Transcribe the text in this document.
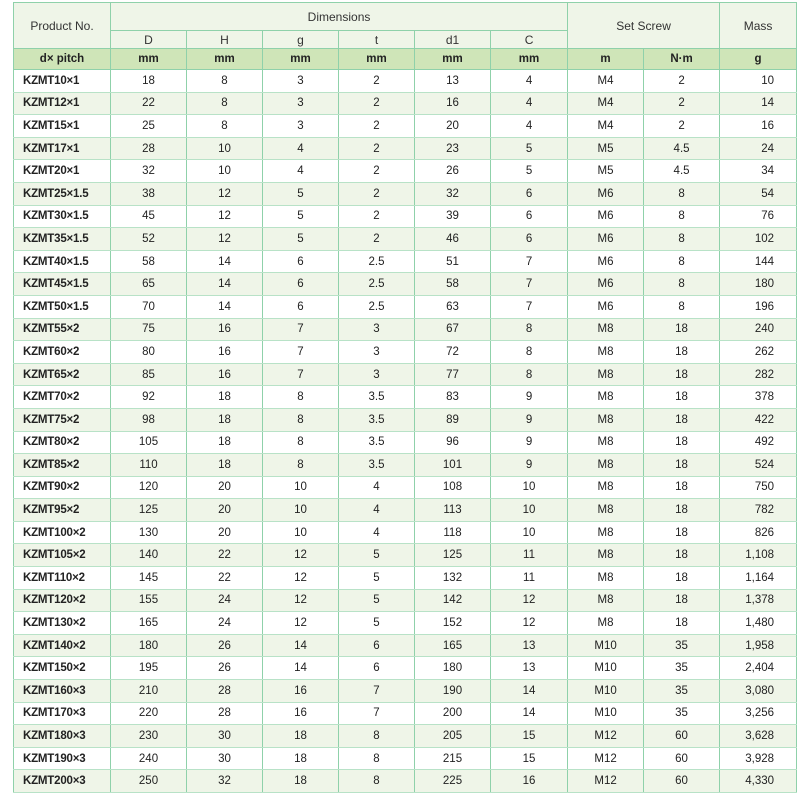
Product No.	Dimensions						Set Screw		Mass
	D	H	g	t	d1	C			
d× pitch	mm	mm	mm	mm	mm	mm	m	N·m	g
KZMT10×1	18	8	3	2	13	4	M4	2	10
KZMT12×1	22	8	3	2	16	4	M4	2	14
KZMT15×1	25	8	3	2	20	4	M4	2	16
KZMT17×1	28	10	4	2	23	5	M5	4.5	24
KZMT20×1	32	10	4	2	26	5	M5	4.5	34
KZMT25×1.5	38	12	5	2	32	6	M6	8	54
KZMT30×1.5	45	12	5	2	39	6	M6	8	76
KZMT35×1.5	52	12	5	2	46	6	M6	8	102
KZMT40×1.5	58	14	6	2.5	51	7	M6	8	144
KZMT45×1.5	65	14	6	2.5	58	7	M6	8	180
KZMT50×1.5	70	14	6	2.5	63	7	M6	8	196
KZMT55×2	75	16	7	3	67	8	M8	18	240
KZMT60×2	80	16	7	3	72	8	M8	18	262
KZMT65×2	85	16	7	3	77	8	M8	18	282
KZMT70×2	92	18	8	3.5	83	9	M8	18	378
KZMT75×2	98	18	8	3.5	89	9	M8	18	422
KZMT80×2	105	18	8	3.5	96	9	M8	18	492
KZMT85×2	110	18	8	3.5	101	9	M8	18	524
KZMT90×2	120	20	10	4	108	10	M8	18	750
KZMT95×2	125	20	10	4	113	10	M8	18	782
KZMT100×2	130	20	10	4	118	10	M8	18	826
KZMT105×2	140	22	12	5	125	11	M8	18	1,108
KZMT110×2	145	22	12	5	132	11	M8	18	1,164
KZMT120×2	155	24	12	5	142	12	M8	18	1,378
KZMT130×2	165	24	12	5	152	12	M8	18	1,480
KZMT140×2	180	26	14	6	165	13	M10	35	1,958
KZMT150×2	195	26	14	6	180	13	M10	35	2,404
KZMT160×3	210	28	16	7	190	14	M10	35	3,080
KZMT170×3	220	28	16	7	200	14	M10	35	3,256
KZMT180×3	230	30	18	8	205	15	M12	60	3,628
KZMT190×3	240	30	18	8	215	15	M12	60	3,928
KZMT200×3	250	32	18	8	225	16	M12	60	4,330
